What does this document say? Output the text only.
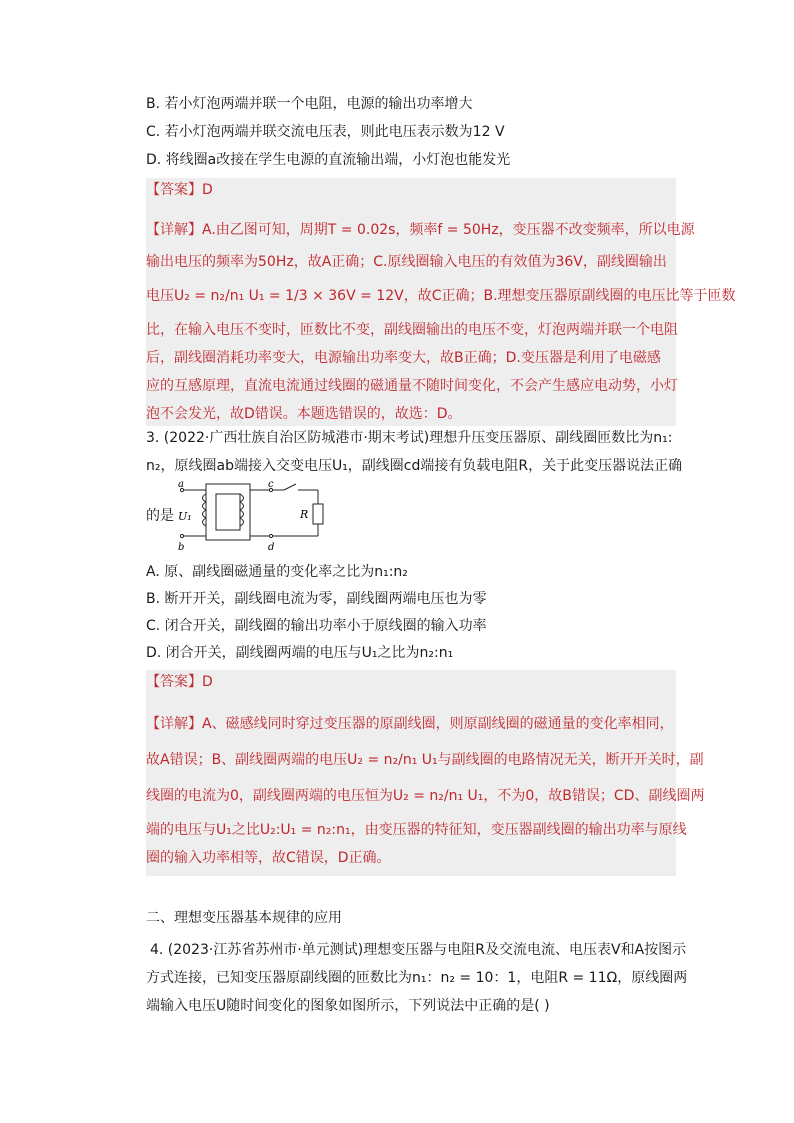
B. 若小灯泡两端并联一个电阻，电源的输出功率增大
C. 若小灯泡两端并联交流电压表，则此电压表示数为12 V
D. 将线圈a改接在学生电源的直流输出端，小灯泡也能发光
【答案】D
【详解】A.由乙图可知，周期T = 0.02s，频率f = 50Hz，变压器不改变频率，所以电源
输出电压的频率为50Hz，故A正确；C.原线圈输入电压的有效值为36V，副线圈输出
电压U₂ = n₂/n₁ U₁ = 1/3 × 36V = 12V，故C正确；B.理想变压器原副线圈的电压比等于匝数
比，在输入电压不变时，匝数比不变，副线圈输出的电压不变，灯泡两端并联一个电阻
后，副线圈消耗功率变大，电源输出功率变大，故B正确；D.变压器是利用了电磁感
应的互感原理，直流电流通过线圈的磁通量不随时间变化，不会产生感应电动势，小灯
泡不会发光，故D错误。本题选错误的，故选：D。
3. (2022·广西壮族自治区防城港市·期末考试)理想升压变压器原、副线圈匝数比为n₁:
n₂，原线圈ab端接入交变电压U₁，副线圈cd端接有负载电阻R，关于此变压器说法正确
的是
a
b
c
d
U₁	R
A. 原、副线圈磁通量的变化率之比为n₁:n₂
B. 断开开关，副线圈电流为零，副线圈两端电压也为零
C. 闭合开关，副线圈的输出功率小于原线圈的输入功率
D. 闭合开关，副线圈两端的电压与U₁之比为n₂:n₁
【答案】D
【详解】A、磁感线同时穿过变压器的原副线圈，则原副线圈的磁通量的变化率相同，
故A错误；B、副线圈两端的电压U₂ = n₂/n₁ U₁与副线圈的电路情况无关，断开开关时，副
线圈的电流为0，副线圈两端的电压恒为U₂ = n₂/n₁ U₁，不为0，故B错误；CD、副线圈两
端的电压与U₁之比U₂:U₁ = n₂:n₁，由变压器的特征知，变压器副线圈的输出功率与原线
圈的输入功率相等，故C错误，D正确。
二、理想变压器基本规律的应用
4. (2023·江苏省苏州市·单元测试)理想变压器与电阻R及交流电流、电压表V和A按图示
方式连接，已知变压器原副线圈的匝数比为n₁：n₂ = 10：1，电阻R = 11Ω，原线圈两
端输入电压U随时间变化的图象如图所示，下列说法中正确的是( )
